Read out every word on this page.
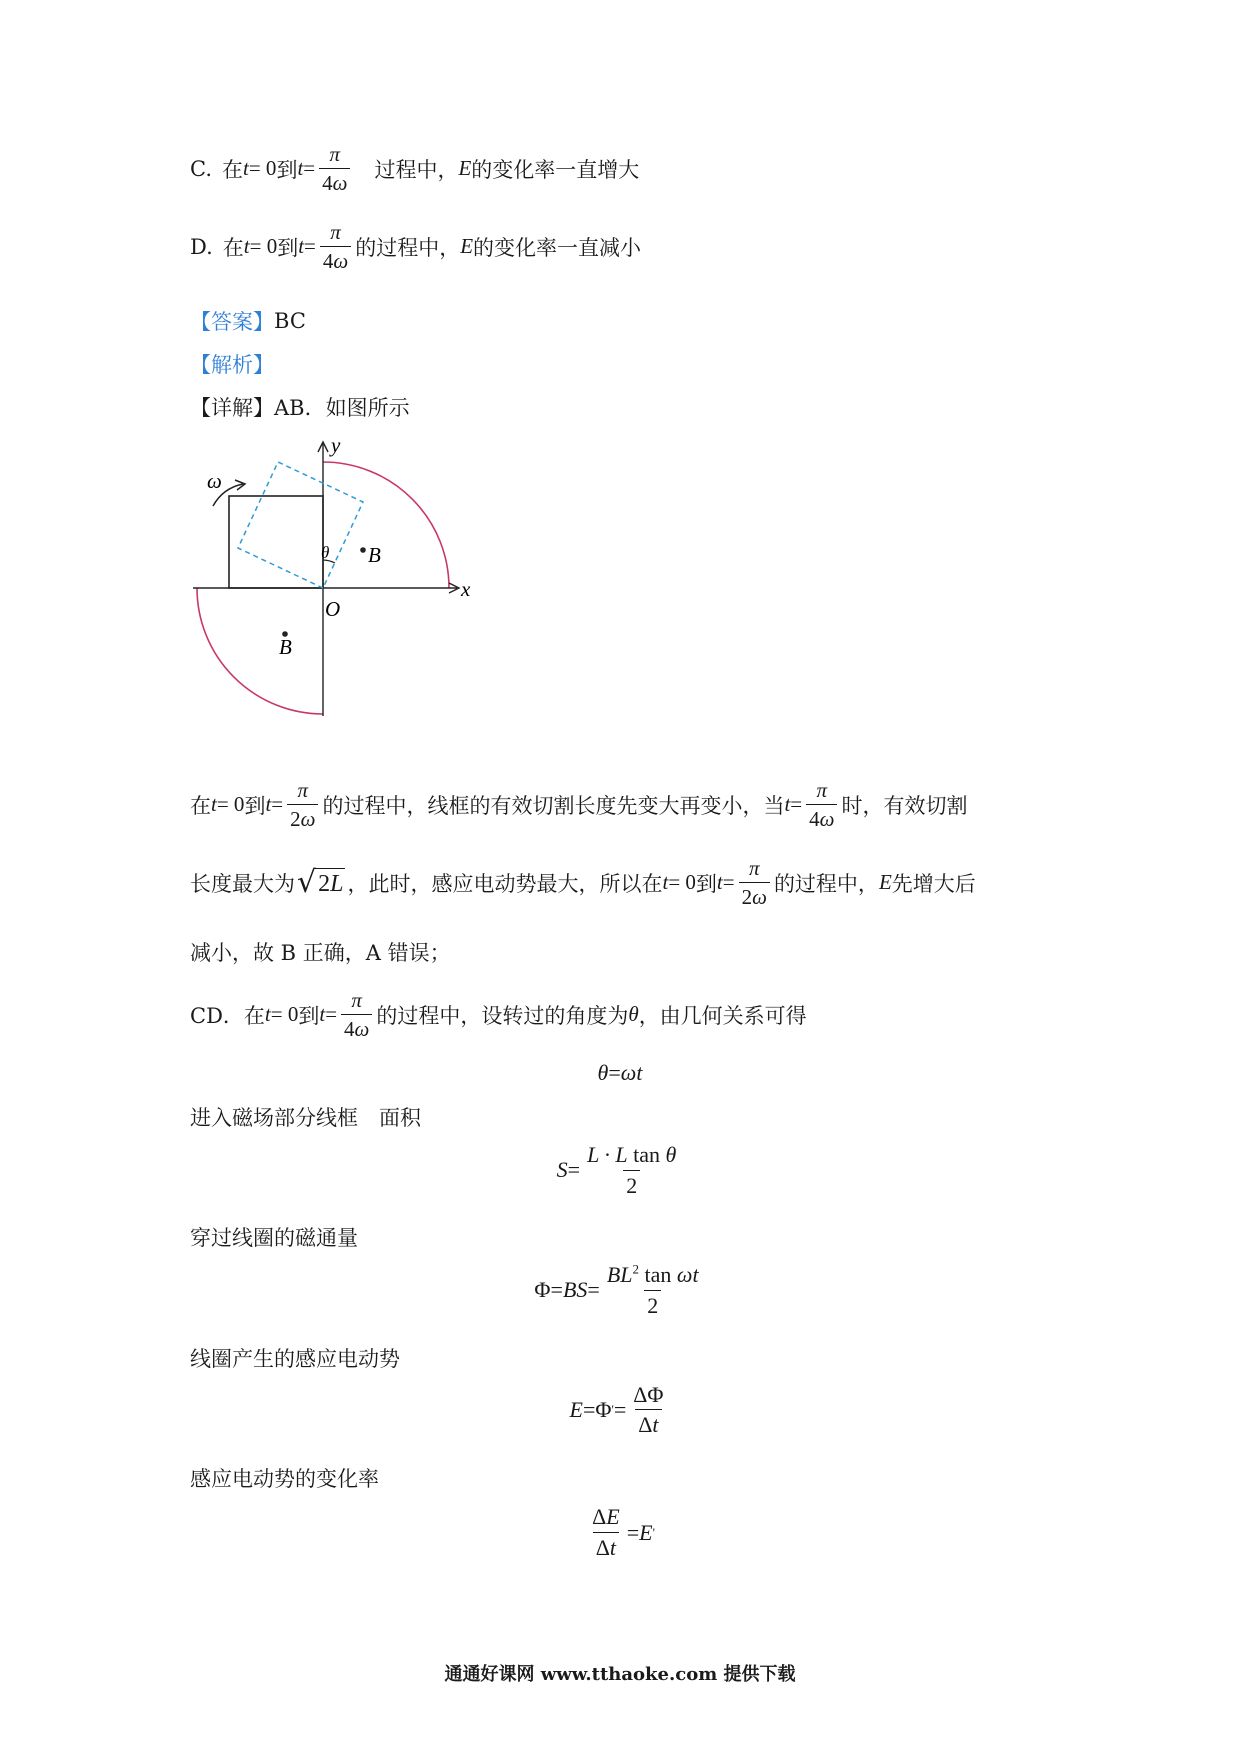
C. 在 t = 0 到 $t = \frac{\pi}{4\omega}$ 过程中， E 的变化率一直增大
D. 在 t = 0 到 $t = \frac{\pi}{4\omega}$ 的过程中， E 的变化率一直减小
【答案】 BC
【解析】
【详解】 AB．如图所示
y
x
O
ω
θ B
B
在 t = 0 到 $t = \frac{\pi}{2\omega}$ 的过程中，线框的有效切割长度先变大再变小，当 $t = \frac{\pi}{4\omega}$ 时，有效切割
长度最大为 √ 2L ，此时，感应电动势最大，所以在 t = 0 到 $t = \frac{\pi}{2\omega}$ 的过程中， E 先增大后
减小，故 B 正确，A 错误；
CD．在 t = 0 到 $t = \frac{\pi}{4\omega}$ 的过程中，设转过的角度为 θ ，由几何关系可得
θ = ωt
进入磁场部分线框　面积
$S = \frac{\text{L · L tan θ}}{2}$
穿过线圈的磁通量
Φ = BS = $\frac{BL^2 \tan \omega t}{2}$
线圈产生的感应电动势
E = Φ ' = $\frac{\Delta\Phi}{\Delta t}$
感应电动势的变化率
$\frac{\Delta E}{\Delta t} = E$ '
通通好课网 www.tthaoke.com 提供下载
